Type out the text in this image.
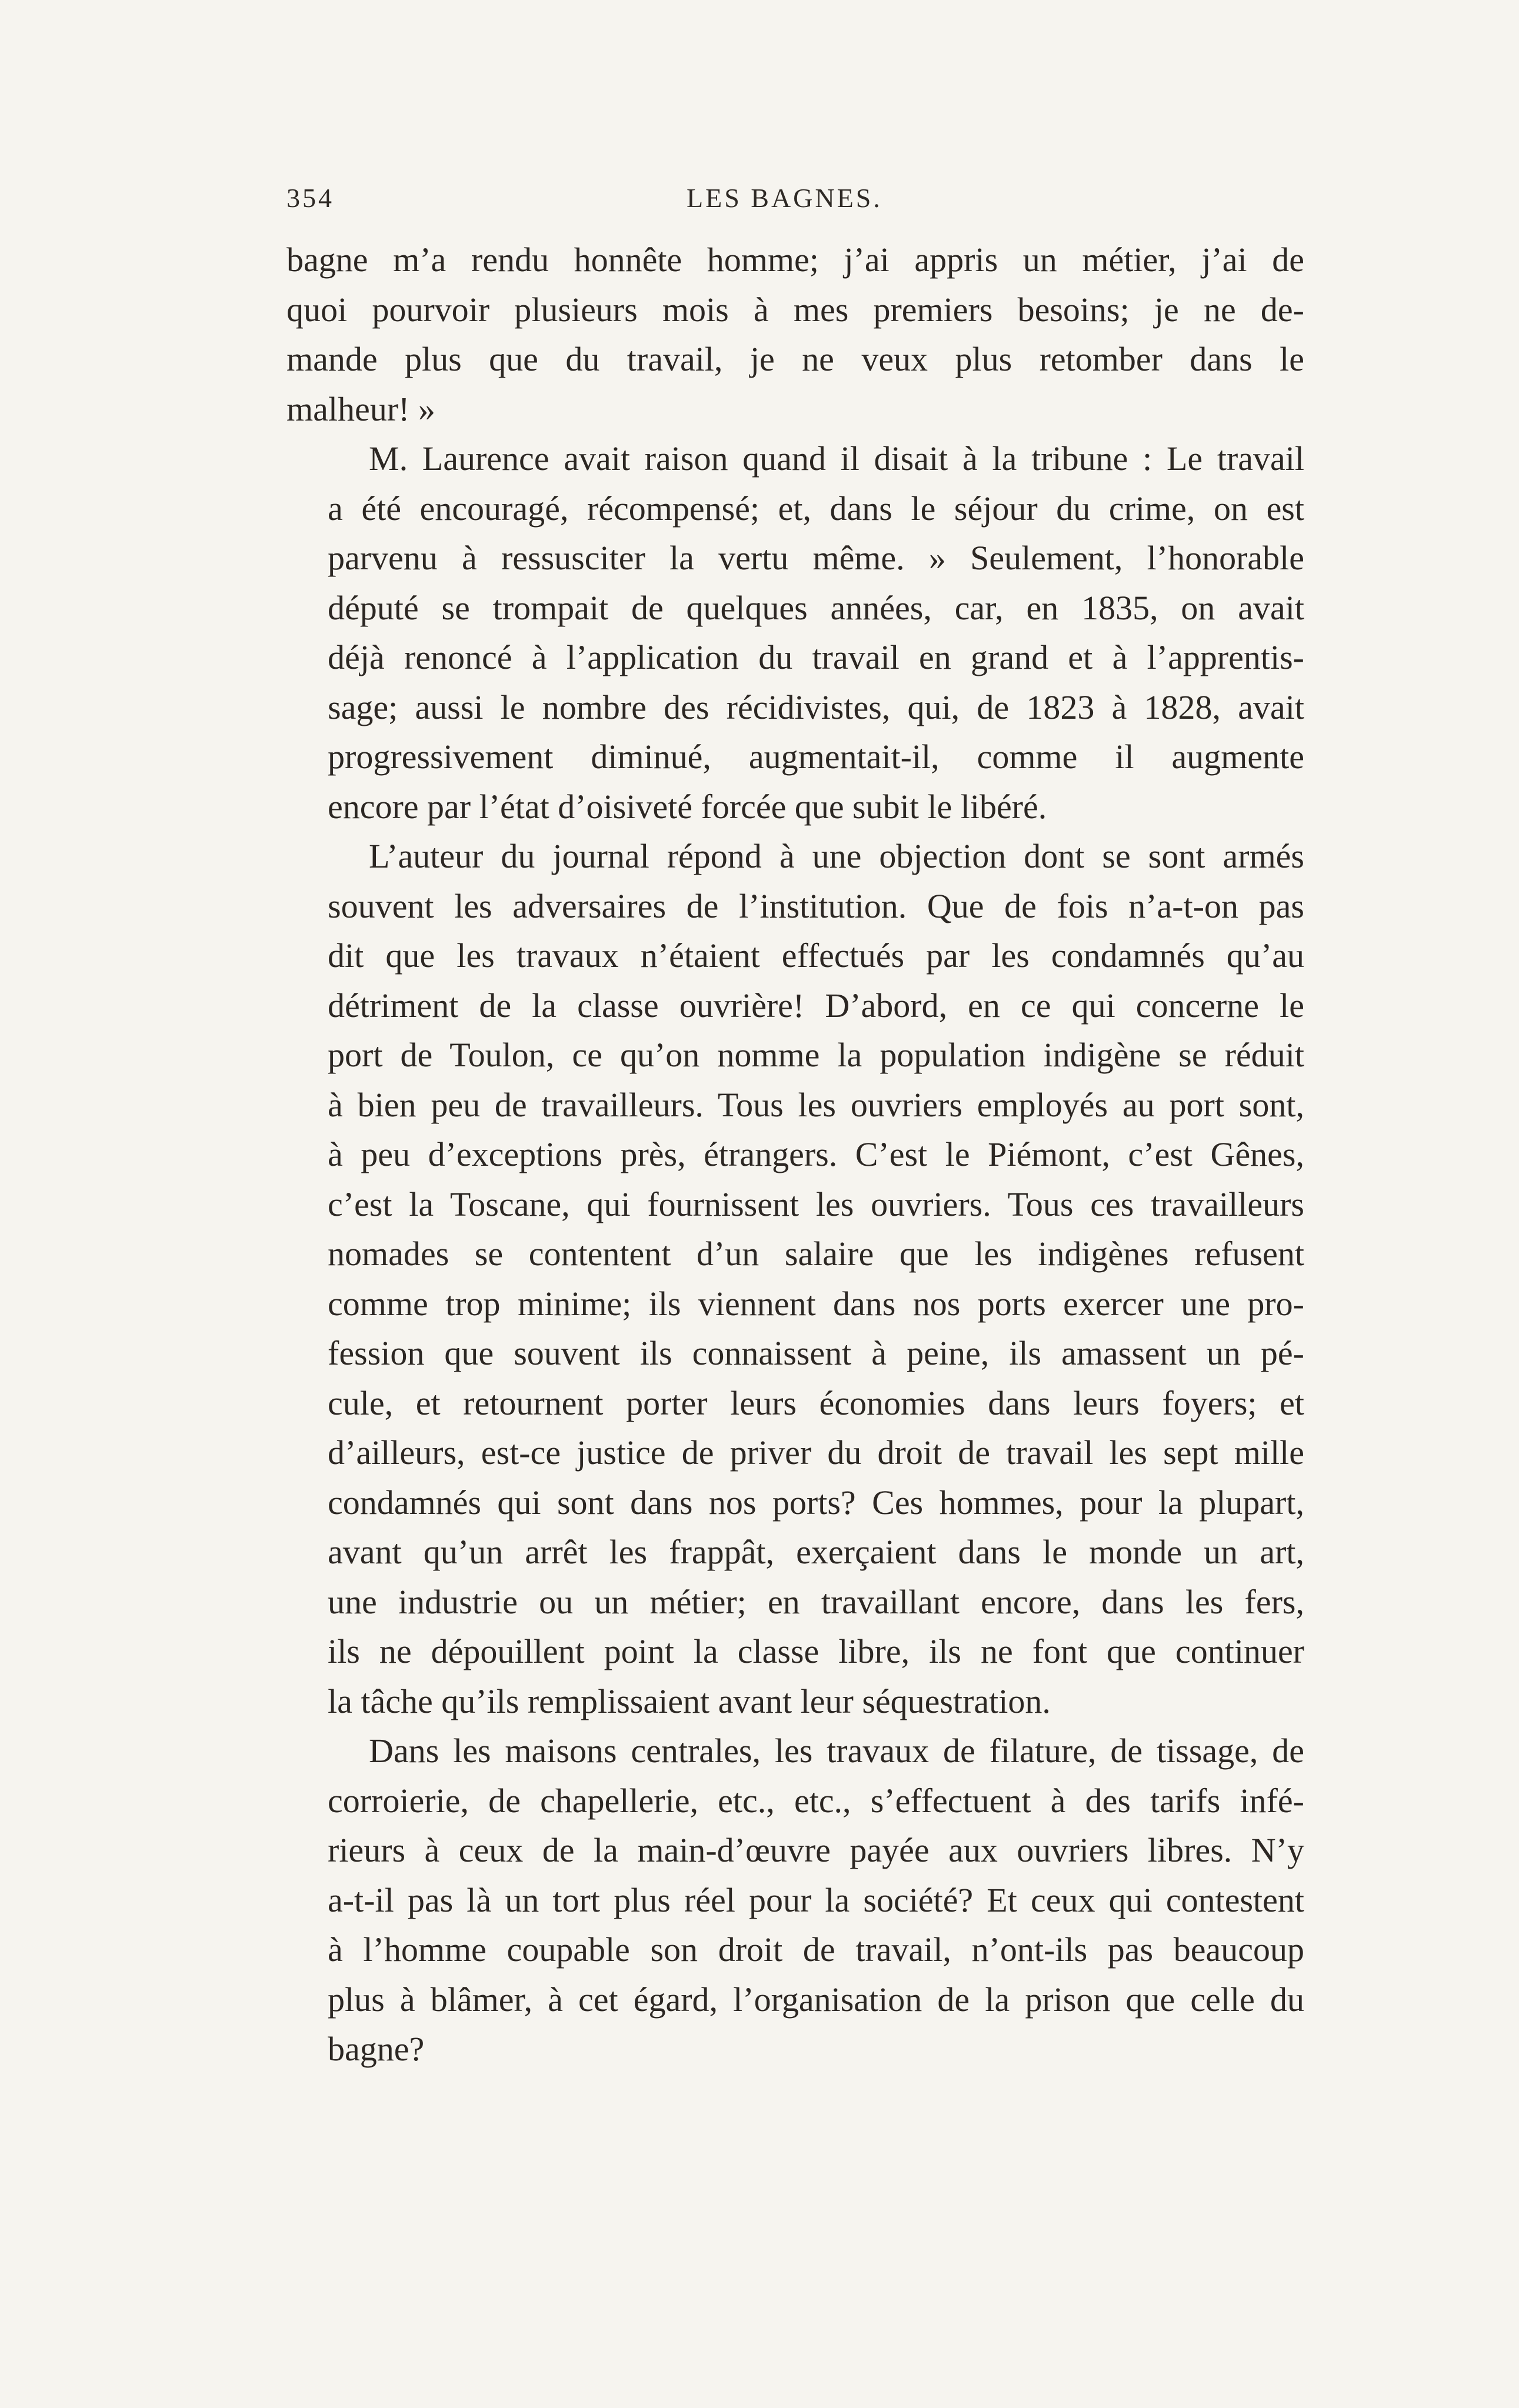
354	LES BAGNES.

bagne m’a rendu honnête homme; j’ai appris un métier, j’ai de
quoi pourvoir plusieurs mois à mes premiers besoins; je ne de-
mande plus que du travail, je ne veux plus retomber dans le
malheur! »

M. Laurence avait raison quand il disait à la tribune : Le travail
a été encouragé, récompensé; et, dans le séjour du crime, on est
parvenu à ressusciter la vertu même. » Seulement, l’honorable
député se trompait de quelques années, car, en 1835, on avait
déjà renoncé à l’application du travail en grand et à l’apprentis-
sage; aussi le nombre des récidivistes, qui, de 1823 à 1828, avait
progressivement diminué, augmentait-il, comme il augmente
encore par l’état d’oisiveté forcée que subit le libéré.

L’auteur du journal répond à une objection dont se sont armés
souvent les adversaires de l’institution. Que de fois n’a-t-on pas
dit que les travaux n’étaient effectués par les condamnés qu’au
détriment de la classe ouvrière! D’abord, en ce qui concerne le
port de Toulon, ce qu’on nomme la population indigène se réduit
à bien peu de travailleurs. Tous les ouvriers employés au port sont,
à peu d’exceptions près, étrangers. C’est le Piémont, c’est Gênes,
c’est la Toscane, qui fournissent les ouvriers. Tous ces travailleurs
nomades se contentent d’un salaire que les indigènes refusent
comme trop minime; ils viennent dans nos ports exercer une pro-
fession que souvent ils connaissent à peine, ils amassent un pé-
cule, et retournent porter leurs économies dans leurs foyers; et
d’ailleurs, est-ce justice de priver du droit de travail les sept mille
condamnés qui sont dans nos ports? Ces hommes, pour la plupart,
avant qu’un arrêt les frappât, exerçaient dans le monde un art,
une industrie ou un métier; en travaillant encore, dans les fers,
ils ne dépouillent point la classe libre, ils ne font que continuer
la tâche qu’ils remplissaient avant leur séquestration.

Dans les maisons centrales, les travaux de filature, de tissage, de
corroierie, de chapellerie, etc., etc., s’effectuent à des tarifs infé-
rieurs à ceux de la main-d’œuvre payée aux ouvriers libres. N’y
a-t-il pas là un tort plus réel pour la société? Et ceux qui contestent
à l’homme coupable son droit de travail, n’ont-ils pas beaucoup
plus à blâmer, à cet égard, l’organisation de la prison que celle du
bagne?
